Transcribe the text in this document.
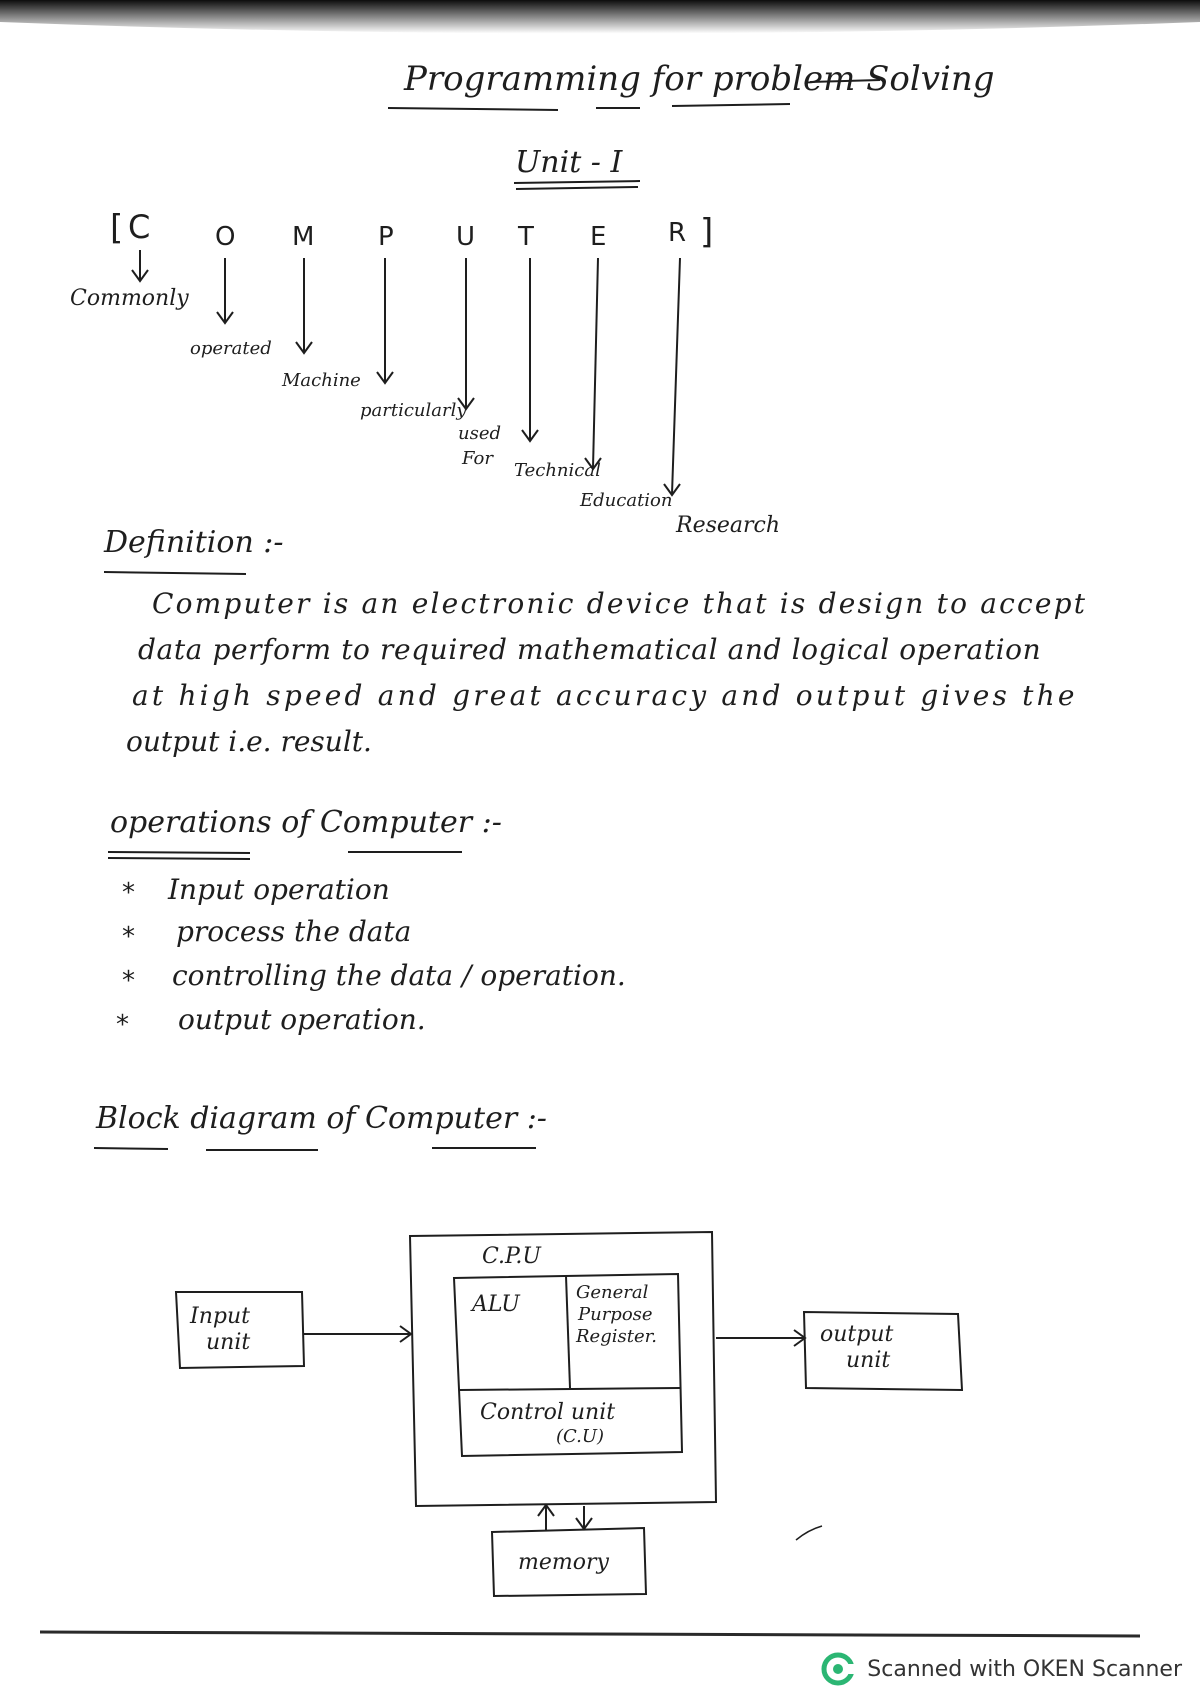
Programming for problem Solving
Unit - I
[ C O M P U T E R ]
Commonly
operated
Machine
particularly
used
For
Technical
Education
Research
Definition :-
Computer is an electronic device that is design to accept
data perform to required mathematical and logical operation
at high speed and great accuracy and output gives the
output i.e. result.
operations of Computer :-
* Input operation
* process the data
* controlling the data / operation.
* output operation.
Block diagram of Computer :-
C.P.U
ALU	General
Purpose
Register.
Control unit
(C.U)
Input
unit	output
unit
memory
Scanned with OKEN Scanner
